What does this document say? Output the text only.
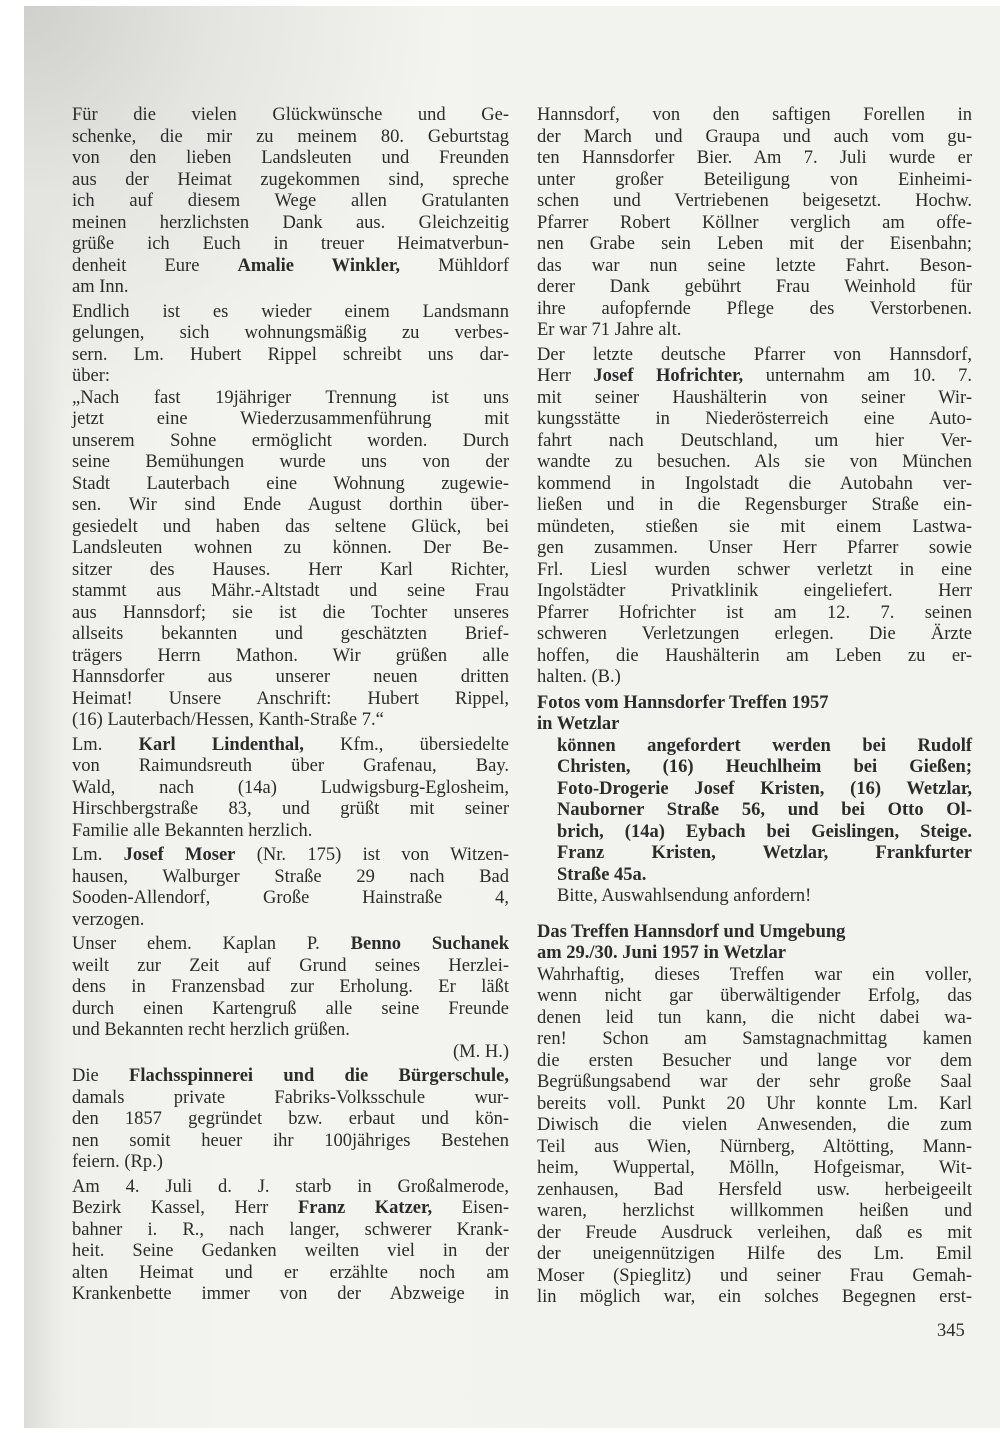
Für die vielen Glückwünsche und Ge-
schenke, die mir zu meinem 80. Geburtstag
von den lieben Landsleuten und Freunden
aus der Heimat zugekommen sind, spreche
ich auf diesem Wege allen Gratulanten
meinen herzlichsten Dank aus. Gleichzeitig
grüße ich Euch in treuer Heimatverbun-
denheit Eure Amalie Winkler, Mühldorf
am Inn.
Endlich ist es wieder einem Landsmann
gelungen, sich wohnungsmäßig zu verbes-
sern. Lm. Hubert Rippel schreibt uns dar-
über:
„Nach fast 19jähriger Trennung ist uns
jetzt eine Wiederzusammenführung mit
unserem Sohne ermöglicht worden. Durch
seine Bemühungen wurde uns von der
Stadt Lauterbach eine Wohnung zugewie-
sen. Wir sind Ende August dorthin über-
gesiedelt und haben das seltene Glück, bei
Landsleuten wohnen zu können. Der Be-
sitzer des Hauses. Herr Karl Richter,
stammt aus Mähr.-Altstadt und seine Frau
aus Hannsdorf; sie ist die Tochter unseres
allseits bekannten und geschätzten Brief-
trägers Herrn Mathon. Wir grüßen alle
Hannsdorfer aus unserer neuen dritten
Heimat! Unsere Anschrift: Hubert Rippel,
(16) Lauterbach/Hessen, Kanth-Straße 7.“
Lm. Karl Lindenthal, Kfm., übersiedelte
von Raimundsreuth über Grafenau, Bay.
Wald, nach (14a) Ludwigsburg-Eglosheim,
Hirschbergstraße 83, und grüßt mit seiner
Familie alle Bekannten herzlich.
Lm. Josef Moser (Nr. 175) ist von Witzen-
hausen, Walburger Straße 29 nach Bad
Sooden-Allendorf, Große Hainstraße 4,
verzogen.
Unser ehem. Kaplan P. Benno Suchanek
weilt zur Zeit auf Grund seines Herzlei-
dens in Franzensbad zur Erholung. Er läßt
durch einen Kartengruß alle seine Freunde
und Bekannten recht herzlich grüßen.
(M. H.)
Die Flachsspinnerei und die Bürgerschule,
damals private Fabriks-Volksschule wur-
den 1857 gegründet bzw. erbaut und kön-
nen somit heuer ihr 100jähriges Bestehen
feiern. (Rp.)
Am 4. Juli d. J. starb in Großalmerode,
Bezirk Kassel, Herr Franz Katzer, Eisen-
bahner i. R., nach langer, schwerer Krank-
heit. Seine Gedanken weilten viel in der
alten Heimat und er erzählte noch am
Krankenbette immer von der Abzweige in
Hannsdorf, von den saftigen Forellen in
der March und Graupa und auch vom gu-
ten Hannsdorfer Bier. Am 7. Juli wurde er
unter großer Beteiligung von Einheimi-
schen und Vertriebenen beigesetzt. Hochw.
Pfarrer Robert Köllner verglich am offe-
nen Grabe sein Leben mit der Eisenbahn;
das war nun seine letzte Fahrt. Beson-
derer Dank gebührt Frau Weinhold für
ihre aufopfernde Pflege des Verstorbenen.
Er war 71 Jahre alt.
Der letzte deutsche Pfarrer von Hannsdorf,
Herr Josef Hofrichter, unternahm am 10. 7.
mit seiner Haushälterin von seiner Wir-
kungsstätte in Niederösterreich eine Auto-
fahrt nach Deutschland, um hier Ver-
wandte zu besuchen. Als sie von München
kommend in Ingolstadt die Autobahn ver-
ließen und in die Regensburger Straße ein-
mündeten, stießen sie mit einem Lastwa-
gen zusammen. Unser Herr Pfarrer sowie
Frl. Liesl wurden schwer verletzt in eine
Ingolstädter Privatklinik eingeliefert. Herr
Pfarrer Hofrichter ist am 12. 7. seinen
schweren Verletzungen erlegen. Die Ärzte
hoffen, die Haushälterin am Leben zu er-
halten. (B.)
Fotos vom Hannsdorfer Treffen 1957
in Wetzlar
können angefordert werden bei Rudolf
Christen, (16) Heuchlheim bei Gießen;
Foto-Drogerie Josef Kristen, (16) Wetzlar,
Nauborner Straße 56, und bei Otto Ol-
brich, (14a) Eybach bei Geislingen, Steige.
Franz Kristen, Wetzlar, Frankfurter
Straße 45a.
Bitte, Auswahlsendung anfordern!
Das Treffen Hannsdorf und Umgebung
am 29./30. Juni 1957 in Wetzlar
Wahrhaftig, dieses Treffen war ein voller,
wenn nicht gar überwältigender Erfolg, das
denen leid tun kann, die nicht dabei wa-
ren! Schon am Samstagnachmittag kamen
die ersten Besucher und lange vor dem
Begrüßungsabend war der sehr große Saal
bereits voll. Punkt 20 Uhr konnte Lm. Karl
Diwisch die vielen Anwesenden, die zum
Teil aus Wien, Nürnberg, Altötting, Mann-
heim, Wuppertal, Mölln, Hofgeismar, Wit-
zenhausen, Bad Hersfeld usw. herbeigeeilt
waren, herzlichst willkommen heißen und
der Freude Ausdruck verleihen, daß es mit
der uneigennützigen Hilfe des Lm. Emil
Moser (Spieglitz) und seiner Frau Gemah-
lin möglich war, ein solches Begegnen erst-
345
